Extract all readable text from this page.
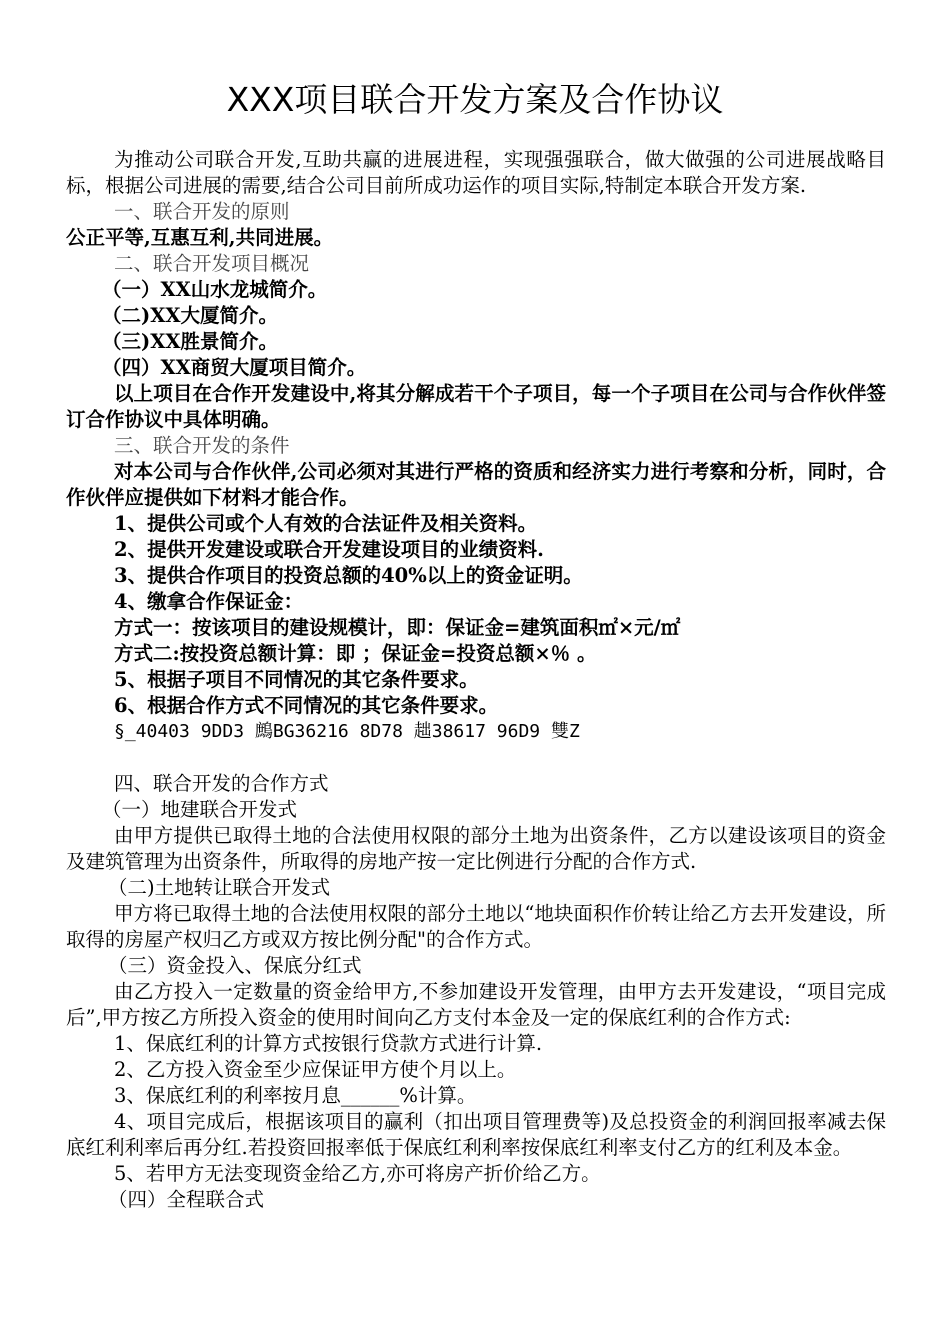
XXX项目联合开发方案及合作协议

为推动公司联合开发,互助共赢的进展进程，实现强强联合，做大做强的公司进展战略目标，根据公司进展的需要,结合公司目前所成功运作的项目实际,特制定本联合开发方案.

一、联合开发的原则

公正平等,互惠互利,共同进展。

二、联合开发项目概况

（一）XX山水龙城简介。

（二)XX大厦简介。

（三)XX胜景简介。

（四）XX商贸大厦项目简介。

以上项目在合作开发建设中,将其分解成若干个子项目，每一个子项目在公司与合作伙伴签订合作协议中具体明确。

三、联合开发的条件

对本公司与合作伙伴,公司必须对其进行严格的资质和经济实力进行考察和分析，同时，合作伙伴应提供如下材料才能合作。

1、提供公司或个人有效的合法证件及相关资料。

2、提供开发建设或联合开发建设项目的业绩资料.

3、提供合作项目的投资总额的40%以上的资金证明。

4、缴拿合作保证金：

方式一：按该项目的建设规模计，即：保证金=建筑面积㎡×元/㎡

方式二:按投资总额计算：即 ；保证金=投资总额×％ 。

5、根据子项目不同情况的其它条件要求。

6、根据合作方式不同情况的其它条件要求。

§_40403 9DD3 鷓BG36216 8D78 趉38617 96D9 雙Z

四、联合开发的合作方式

（一）地建联合开发式

由甲方提供已取得土地的合法使用权限的部分土地为出资条件，乙方以建设该项目的资金及建筑管理为出资条件，所取得的房地产按一定比例进行分配的合作方式.

（二)土地转让联合开发式

甲方将已取得土地的合法使用权限的部分土地以“地块面积作价转让给乙方去开发建设，所取得的房屋产权归乙方或双方按比例分配"的合作方式。

（三）资金投入、保底分红式

由乙方投入一定数量的资金给甲方,不参加建设开发管理，由甲方去开发建设，“项目完成后”,甲方按乙方所投入资金的使用时间向乙方支付本金及一定的保底红利的合作方式:

1、保底红利的计算方式按银行贷款方式进行计算.

2、乙方投入资金至少应保证甲方使个月以上。

3、保底红利的利率按月息______%计算。

4、项目完成后，根据该项目的赢利（扣出项目管理费等)及总投资金的利润回报率减去保底红利利率后再分红.若投资回报率低于保底红利利率按保底红利率支付乙方的红利及本金。

5、若甲方无法变现资金给乙方,亦可将房产折价给乙方。

（四）全程联合式
